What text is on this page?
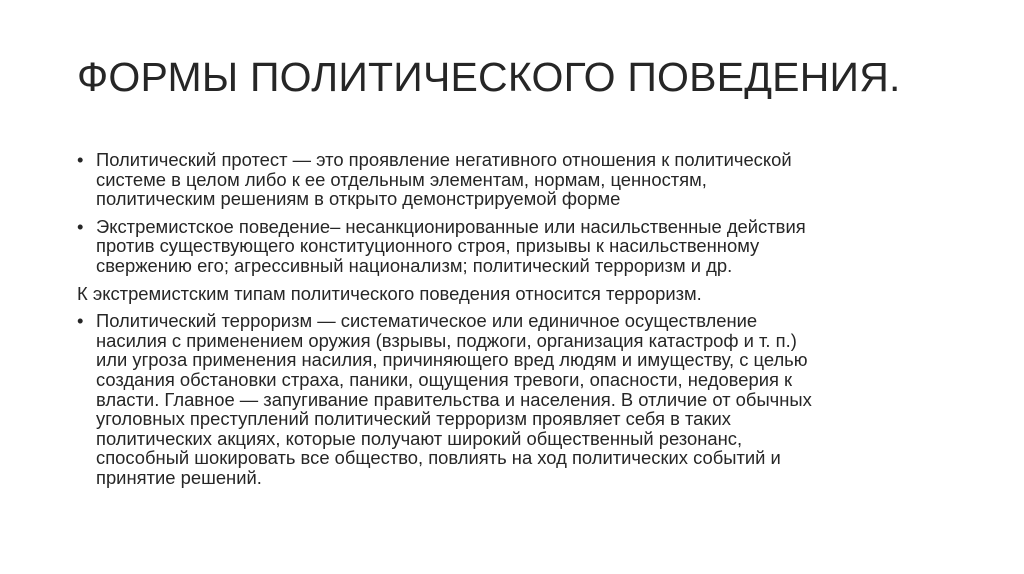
ФОРМЫ ПОЛИТИЧЕСКОГО ПОВЕДЕНИЯ.
• Политический протест — это проявление негативного отношения к политической
системе в целом либо к ее отдельным элементам, нормам, ценностям,
политическим решениям в открыто демонстрируемой форме
• Экстремистское поведение– несанкционированные или насильственные действия
против существующего конституционного строя, призывы к насильственному
свержению его; агрессивный национализм; политический терроризм и др.
К экстремистским типам политического поведения относится терроризм.
• Политический терроризм — систематическое или единичное осуществление
насилия с применением оружия (взрывы, поджоги, организация катастроф и т. п.)
или угроза применения насилия, причиняющего вред людям и имуществу, с целью
создания обстановки страха, паники, ощущения тревоги, опасности, недоверия к
власти. Главное — запугивание правительства и населения. В отличие от обычных
уголовных преступлений политический терроризм проявляет себя в таких
политических акциях, которые получают широкий общественный резонанс,
способный шокировать все общество, повлиять на ход политических событий и
принятие решений.
